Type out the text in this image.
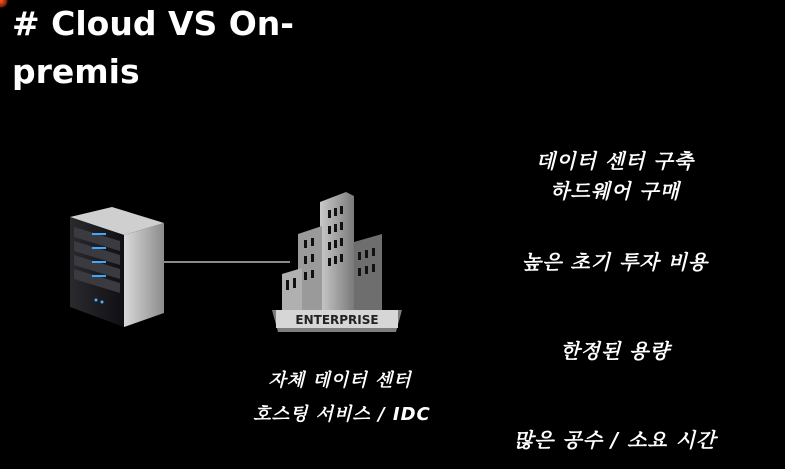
# Cloud VS On-
premis
ENTERPRISE
자체 데이터 센터
호스팅 서비스 / IDC
데이터 센터 구축
하드웨어 구매
높은 초기 투자 비용
한정된 용량
많은 공수 / 소요 시간
